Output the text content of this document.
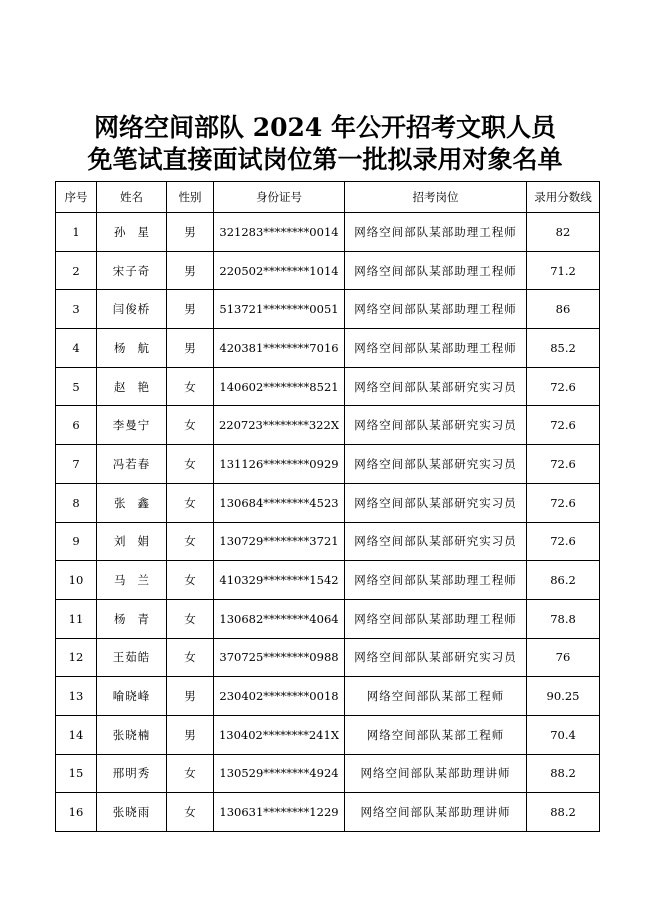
网络空间部队 2024 年公开招考文职人员
免笔试直接面试岗位第一批拟录用对象名单
序号	姓名	性别	身份证号	招考岗位	录用分数线
1	孙星	男	321283********0014	网络空间部队某部助理工程师	82
2	宋子奇	男	220502********1014	网络空间部队某部助理工程师	71.2
3	闫俊桥	男	513721********0051	网络空间部队某部助理工程师	86
4	杨航	男	420381********7016	网络空间部队某部助理工程师	85.2
5	赵艳	女	140602********8521	网络空间部队某部研究实习员	72.6
6	李曼宁	女	220723********322X	网络空间部队某部研究实习员	72.6
7	冯若春	女	131126********0929	网络空间部队某部研究实习员	72.6
8	张鑫	女	130684********4523	网络空间部队某部研究实习员	72.6
9	刘娟	女	130729********3721	网络空间部队某部研究实习员	72.6
10	马兰	女	410329********1542	网络空间部队某部助理工程师	86.2
11	杨青	女	130682********4064	网络空间部队某部助理工程师	78.8
12	王茹皓	女	370725********0988	网络空间部队某部研究实习员	76
13	喻晓峰	男	230402********0018	网络空间部队某部工程师	90.25
14	张晓楠	男	130402********241X	网络空间部队某部工程师	70.4
15	邢明秀	女	130529********4924	网络空间部队某部助理讲师	88.2
16	张晓雨	女	130631********1229	网络空间部队某部助理讲师	88.2
